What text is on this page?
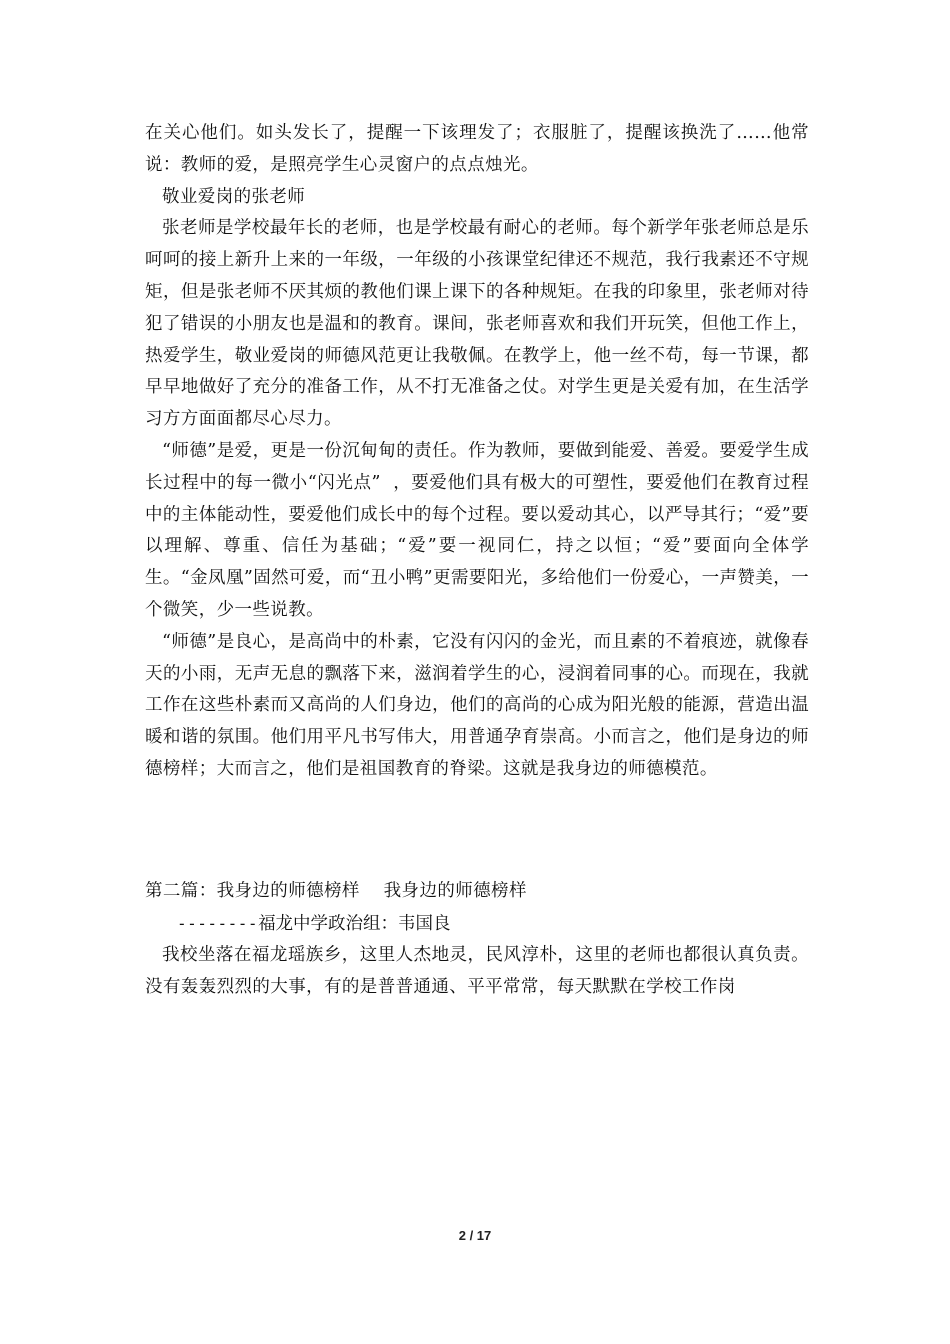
在关心他们。如头发长了，提醒一下该理发了；衣服脏了，提醒该换洗了……他常说：教师的爱，是照亮学生心灵窗户的点点烛光。

敬业爱岗的张老师

张老师是学校最年长的老师，也是学校最有耐心的老师。每个新学年张老师总是乐呵呵的接上新升上来的一年级，一年级的小孩课堂纪律还不规范，我行我素还不守规矩，但是张老师不厌其烦的教他们课上课下的各种规矩。在我的印象里，张老师对待犯了错误的小朋友也是温和的教育。课间，张老师喜欢和我们开玩笑，但他工作上，热爱学生，敬业爱岗的师德风范更让我敬佩。在教学上，他一丝不苟，每一节课，都早早地做好了充分的准备工作，从不打无准备之仗。对学生更是关爱有加，在生活学习方方面面都尽心尽力。

“师德”是爱，更是一份沉甸甸的责任。作为教师，要做到能爱、善爱。要爱学生成长过程中的每一微小“闪光点”  ，要爱他们具有极大的可塑性，要爱他们在教育过程中的主体能动性，要爱他们成长中的每个过程。要以爱动其心，以严导其行；“爱”要以理解、尊重、信任为基础；“爱”要一视同仁，持之以恒；“爱”要面向全体学生。“金凤凰”固然可爱，而“丑小鸭”更需要阳光，多给他们一份爱心，一声赞美，一个微笑，少一些说教。

“师德”是良心，是高尚中的朴素，它没有闪闪的金光，而且素的不着痕迹，就像春天的小雨，无声无息的飘落下来，滋润着学生的心，浸润着同事的心。而现在，我就工作在这些朴素而又高尚的人们身边，他们的高尚的心成为阳光般的能源，营造出温暖和谐的氛围。他们用平凡书写伟大，用普通孕育崇高。小而言之，他们是身边的师德榜样；大而言之，他们是祖国教育的脊梁。这就是我身边的师德模范。

第二篇：我身边的师德榜样    我身边的师德榜样

--------福龙中学政治组：韦国良

我校坐落在福龙瑶族乡，这里人杰地灵，民风淳朴，这里的老师也都很认真负责。没有轰轰烈烈的大事，有的是普普通通、平平常常，每天默默在学校工作岗

2 / 17
